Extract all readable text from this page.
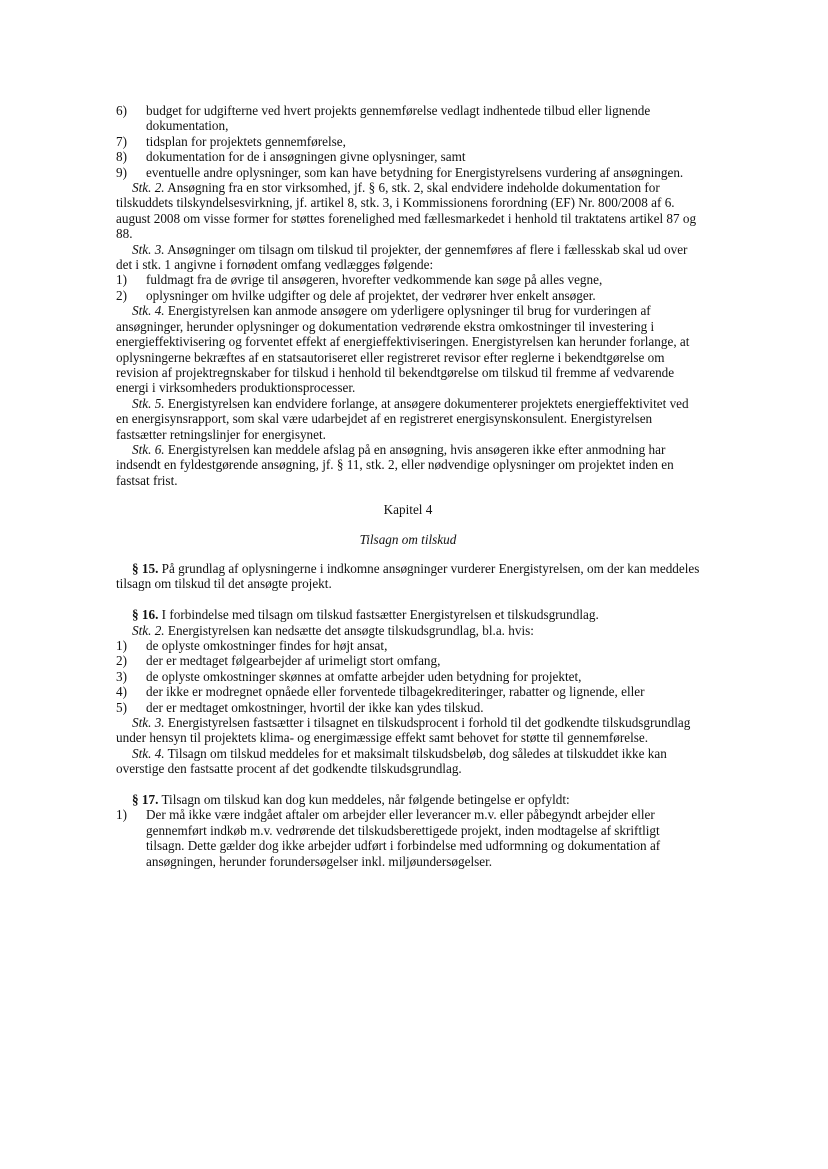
6) budget for udgifterne ved hvert projekts gennemførelse vedlagt indhentede tilbud eller lignende dokumentation,
7) tidsplan for projektets gennemførelse,
8) dokumentation for de i ansøgningen givne oplysninger, samt
9) eventuelle andre oplysninger, som kan have betydning for Energistyrelsens vurdering af ansøgningen.

Stk. 2. Ansøgning fra en stor virksomhed, jf. § 6, stk. 2, skal endvidere indeholde dokumentation for tilskuddets tilskyndelsesvirkning, jf. artikel 8, stk. 3, i Kommissionens forordning (EF) Nr. 800/2008 af 6. august 2008 om visse former for støttes forenelighed med fællesmarkedet i henhold til traktatens artikel 87 og 88.

Stk. 3. Ansøgninger om tilsagn om tilskud til projekter, der gennemføres af flere i fællesskab skal ud over det i stk. 1 angivne i fornødent omfang vedlægges følgende:

1) fuldmagt fra de øvrige til ansøgeren, hvorefter vedkommende kan søge på alles vegne,
2) oplysninger om hvilke udgifter og dele af projektet, der vedrører hver enkelt ansøger.

Stk. 4. Energistyrelsen kan anmode ansøgere om yderligere oplysninger til brug for vurderingen af ansøgninger, herunder oplysninger og dokumentation vedrørende ekstra omkostninger til investering i energieffektivisering og forventet effekt af energieffektiviseringen. Energistyrelsen kan herunder forlange, at oplysningerne bekræftes af en statsautoriseret eller registreret revisor efter reglerne i bekendtgørelse om revision af projektregnskaber for tilskud i henhold til bekendtgørelse om tilskud til fremme af vedvarende energi i virksomheders produktionsprocesser.

Stk. 5. Energistyrelsen kan endvidere forlange, at ansøgere dokumenterer projektets energieffektivitet ved en energisynsrapport, som skal være udarbejdet af en registreret energisynskonsulent. Energistyrelsen fastsætter retningslinjer for energisynet.

Stk. 6. Energistyrelsen kan meddele afslag på en ansøgning, hvis ansøgeren ikke efter anmodning har indsendt en fyldestgørende ansøgning, jf. § 11, stk. 2, eller nødvendige oplysninger om projektet inden en fastsat frist.

Kapitel 4
Tilsagn om tilskud

§ 15. På grundlag af oplysningerne i indkomne ansøgninger vurderer Energistyrelsen, om der kan meddeles tilsagn om tilskud til det ansøgte projekt.

§ 16. I forbindelse med tilsagn om tilskud fastsætter Energistyrelsen et tilskudsgrundlag.

Stk. 2. Energistyrelsen kan nedsætte det ansøgte tilskudsgrundlag, bl.a. hvis:

1) de oplyste omkostninger findes for højt ansat,
2) der er medtaget følgearbejder af urimeligt stort omfang,
3) de oplyste omkostninger skønnes at omfatte arbejder uden betydning for projektet,
4) der ikke er modregnet opnåede eller forventede tilbagekrediteringer, rabatter og lignende, eller
5) der er medtaget omkostninger, hvortil der ikke kan ydes tilskud.

Stk. 3. Energistyrelsen fastsætter i tilsagnet en tilskudsprocent i forhold til det godkendte tilskudsgrundlag under hensyn til projektets klima- og energimæssige effekt samt behovet for støtte til gennemførelse.

Stk. 4. Tilsagn om tilskud meddeles for et maksimalt tilskudsbeløb, dog således at tilskuddet ikke kan overstige den fastsatte procent af det godkendte tilskudsgrundlag.

§ 17. Tilsagn om tilskud kan dog kun meddeles, når følgende betingelse er opfyldt:

1) Der må ikke være indgået aftaler om arbejder eller leverancer m.v. eller påbegyndt arbejder eller gennemført indkøb m.v. vedrørende det tilskudsberettigede projekt, inden modtagelse af skriftligt tilsagn. Dette gælder dog ikke arbejder udført i forbindelse med udformning og dokumentation af ansøgningen, herunder forundersøgelser inkl. miljøundersøgelser.
